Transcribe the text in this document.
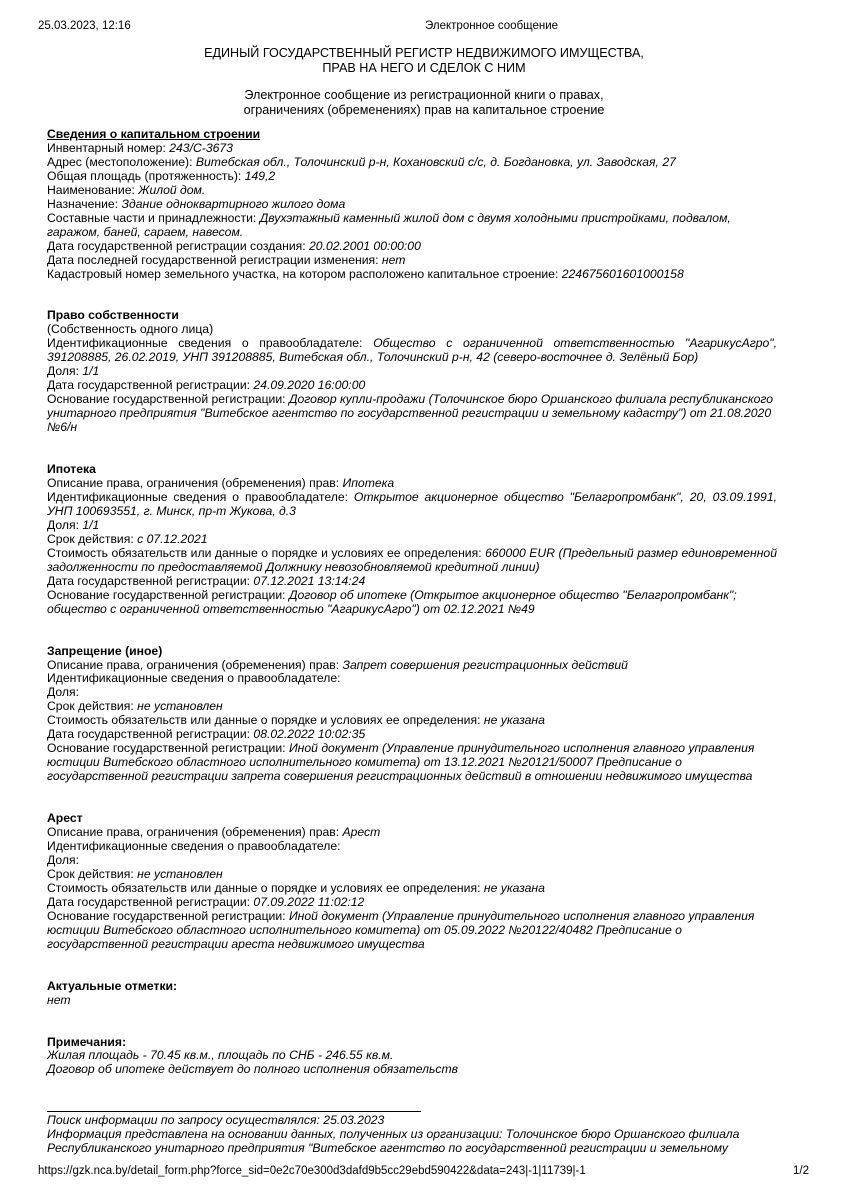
25.03.2023, 12:16	Электронное сообщение
ЕДИНЫЙ ГОСУДАРСТВЕННЫЙ РЕГИСТР НЕДВИЖИМОГО ИМУЩЕСТВА,
ПРАВ НА НЕГО И СДЕЛОК С НИМ
Электронное сообщение из регистрационной книги о правах,
ограничениях (обременениях) прав на капитальное строение
Сведения о капитальном строении
Инвентарный номер: 243/C-3673
Адрес (местоположение): Витебская обл., Толочинский р-н, Кохановский с/с, д. Богдановка, ул. Заводская, 27
Общая площадь (протяженность): 149,2
Наименование: Жилой дом.
Назначение: Здание одноквартирного жилого дома
Составные части и принадлежности: Двухэтажный каменный жилой дом с двумя холодными пристройками, подвалом, гаражом, баней, сараем, навесом.
Дата государственной регистрации создания: 20.02.2001 00:00:00
Дата последней государственной регистрации изменения: нет
Кадастровый номер земельного участка, на котором расположено капитальное строение: 224675601601000158
Право собственности
(Собственность одного лица)
Идентификационные сведения о правообладателе: Общество с ограниченной ответственностью "АгарикусАгро", 391208885, 26.02.2019, УНП 391208885, Витебская обл., Толочинский р-н, 42 (северо-восточнее д. Зелёный Бор)
Доля: 1/1
Дата государственной регистрации: 24.09.2020 16:00:00
Основание государственной регистрации: Договор купли-продажи (Толочинское бюро Оршанского филиала республиканского унитарного предприятия "Витебское агентство по государственной регистрации и земельному кадастру") от 21.08.2020 №6/н
Ипотека
Описание права, ограничения (обременения) прав: Ипотека
Идентификационные сведения о правообладателе: Открытое акционерное общество "Белагропромбанк", 20, 03.09.1991, УНП 100693551, г. Минск, пр-т Жукова, д.3
Доля: 1/1
Срок действия: с 07.12.2021
Стоимость обязательств или данные о порядке и условиях ее определения: 660000 EUR (Предельный размер единовременной задолженности по предоставляемой Должнику невозобновляемой кредитной линии)
Дата государственной регистрации: 07.12.2021 13:14:24
Основание государственной регистрации: Договор об ипотеке (Открытое акционерное общество "Белагропромбанк"; общество с ограниченной ответственностью "АгарикусАгро") от 02.12.2021 №49
Запрещение (иное)
Описание права, ограничения (обременения) прав: Запрет совершения регистрационных действий
Идентификационные сведения о правообладателе:
Доля:
Срок действия: не установлен
Стоимость обязательств или данные о порядке и условиях ее определения: не указана
Дата государственной регистрации: 08.02.2022 10:02:35
Основание государственной регистрации: Иной документ (Управление принудительного исполнения главного управления юстиции Витебского областного исполнительного комитета) от 13.12.2021 №20121/50007 Предписание о государственной регистрации запрета совершения регистрационных действий в отношении недвижимого имущества
Арест
Описание права, ограничения (обременения) прав: Арест
Идентификационные сведения о правообладателе:
Доля:
Срок действия: не установлен
Стоимость обязательств или данные о порядке и условиях ее определения: не указана
Дата государственной регистрации: 07.09.2022 11:02:12
Основание государственной регистрации: Иной документ (Управление принудительного исполнения главного управления юстиции Витебского областного исполнительного комитета) от 05.09.2022 №20122/40482 Предписание о государственной регистрации ареста недвижимого имущества
Актуальные отметки:
нет
Примечания:
Жилая площадь - 70.45 кв.м., площадь по СНБ - 246.55 кв.м.
Договор об ипотеке действует до полного исполнения обязательств
Поиск информации по запросу осуществлялся: 25.03.2023
Информация представлена на основании данных, полученных из организации: Толочинское бюро Оршанского филиала Республиканского унитарного предприятия "Витебское агентство по государственной регистрации и земельному
https://gzk.nca.by/detail_form.php?force_sid=0e2c70e300d3dafd9b5cc29ebd590422&data=243|-1|11739|-1	1/2
